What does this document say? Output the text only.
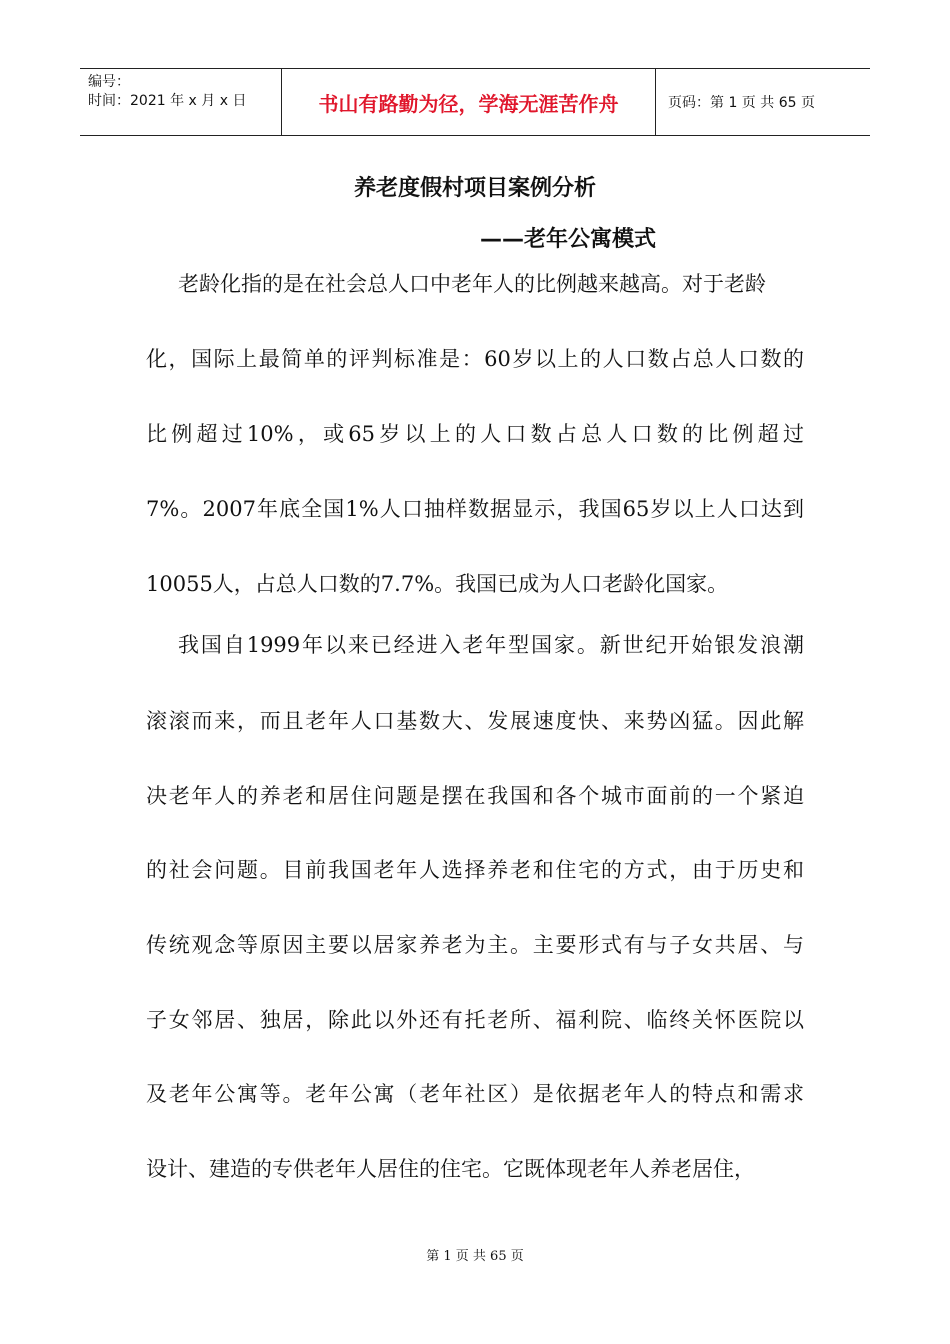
编号：
时间：2021 年 x 月 x 日	书山有路勤为径，学海无涯苦作舟	页码：第 1 页 共 65 页
养老度假村项目案例分析
——老年公寓模式
老龄化指的是在社会总人口中老年人的比例越来越高。对于老龄
化，国际上最简单的评判标准是：60岁以上的人口数占总人口数的
比例超过10%，或65岁以上的人口数占总人口数的比例超过
7%。2007年底全国1%人口抽样数据显示，我国65岁以上人口达到
10055人，占总人口数的7.7%。我国已成为人口老龄化国家。
我国自1999年以来已经进入老年型国家。新世纪开始银发浪潮
滚滚而来，而且老年人口基数大、发展速度快、来势凶猛。因此解
决老年人的养老和居住问题是摆在我国和各个城市面前的一个紧迫
的社会问题。目前我国老年人选择养老和住宅的方式，由于历史和
传统观念等原因主要以居家养老为主。主要形式有与子女共居、与
子女邻居、独居，除此以外还有托老所、福利院、临终关怀医院以
及老年公寓等。老年公寓（老年社区）是依据老年人的特点和需求
设计、建造的专供老年人居住的住宅。它既体现老年人养老居住，
第 1 页 共 65 页
